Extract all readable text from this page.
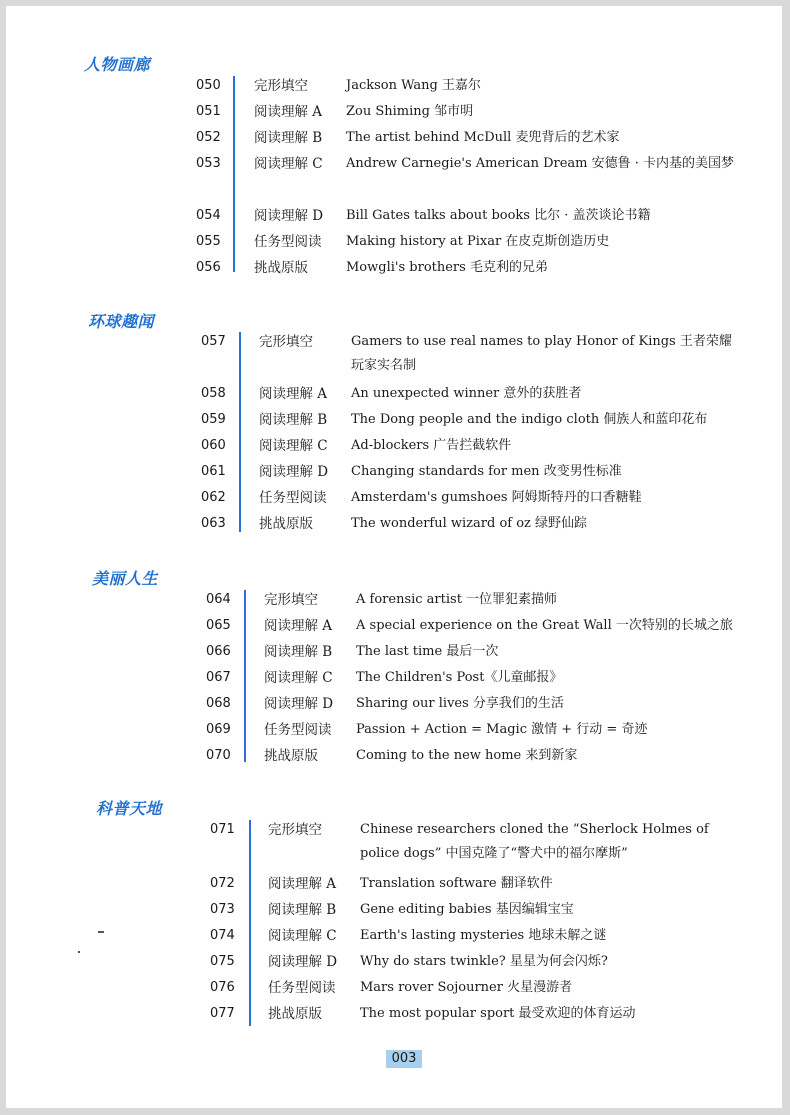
人物画廊
050	完形填空	Jackson Wang 王嘉尔
051	阅读理解 A	Zou Shiming 邹市明
052	阅读理解 B	The artist behind McDull 麦兜背后的艺术家
053	阅读理解 C	Andrew Carnegie's American Dream 安德鲁 · 卡内基的美国梦
054	阅读理解 D	Bill Gates talks about books 比尔 · 盖茨谈论书籍
055	任务型阅读	Making history at Pixar 在皮克斯创造历史
056	挑战原版	Mowgli's brothers 毛克利的兄弟
环球趣闻
057	完形填空	Gamers to use real names to play Honor of Kings 王者荣耀玩家实名制
058	阅读理解 A	An unexpected winner 意外的获胜者
059	阅读理解 B	The Dong people and the indigo cloth 侗族人和蓝印花布
060	阅读理解 C	Ad-blockers 广告拦截软件
061	阅读理解 D	Changing standards for men 改变男性标准
062	任务型阅读	Amsterdam's gumshoes 阿姆斯特丹的口香糖鞋
063	挑战原版	The wonderful wizard of oz 绿野仙踪
美丽人生
064	完形填空	A forensic artist 一位罪犯素描师
065	阅读理解 A	A special experience on the Great Wall 一次特别的长城之旅
066	阅读理解 B	The last time 最后一次
067	阅读理解 C	The Children's Post《儿童邮报》
068	阅读理解 D	Sharing our lives 分享我们的生活
069	任务型阅读	Passion + Action = Magic 激情 + 行动 = 奇迹
070	挑战原版	Coming to the new home 来到新家
科普天地
071	完形填空	Chinese researchers cloned the “Sherlock Holmes of police dogs” 中国克隆了“警犬中的福尔摩斯”
072	阅读理解 A	Translation software 翻译软件
073	阅读理解 B	Gene editing babies 基因编辑宝宝
074	阅读理解 C	Earth's lasting mysteries 地球未解之谜
075	阅读理解 D	Why do stars twinkle? 星星为何会闪烁?
076	任务型阅读	Mars rover Sojourner 火星漫游者
077	挑战原版	The most popular sport 最受欢迎的体育运动
003
